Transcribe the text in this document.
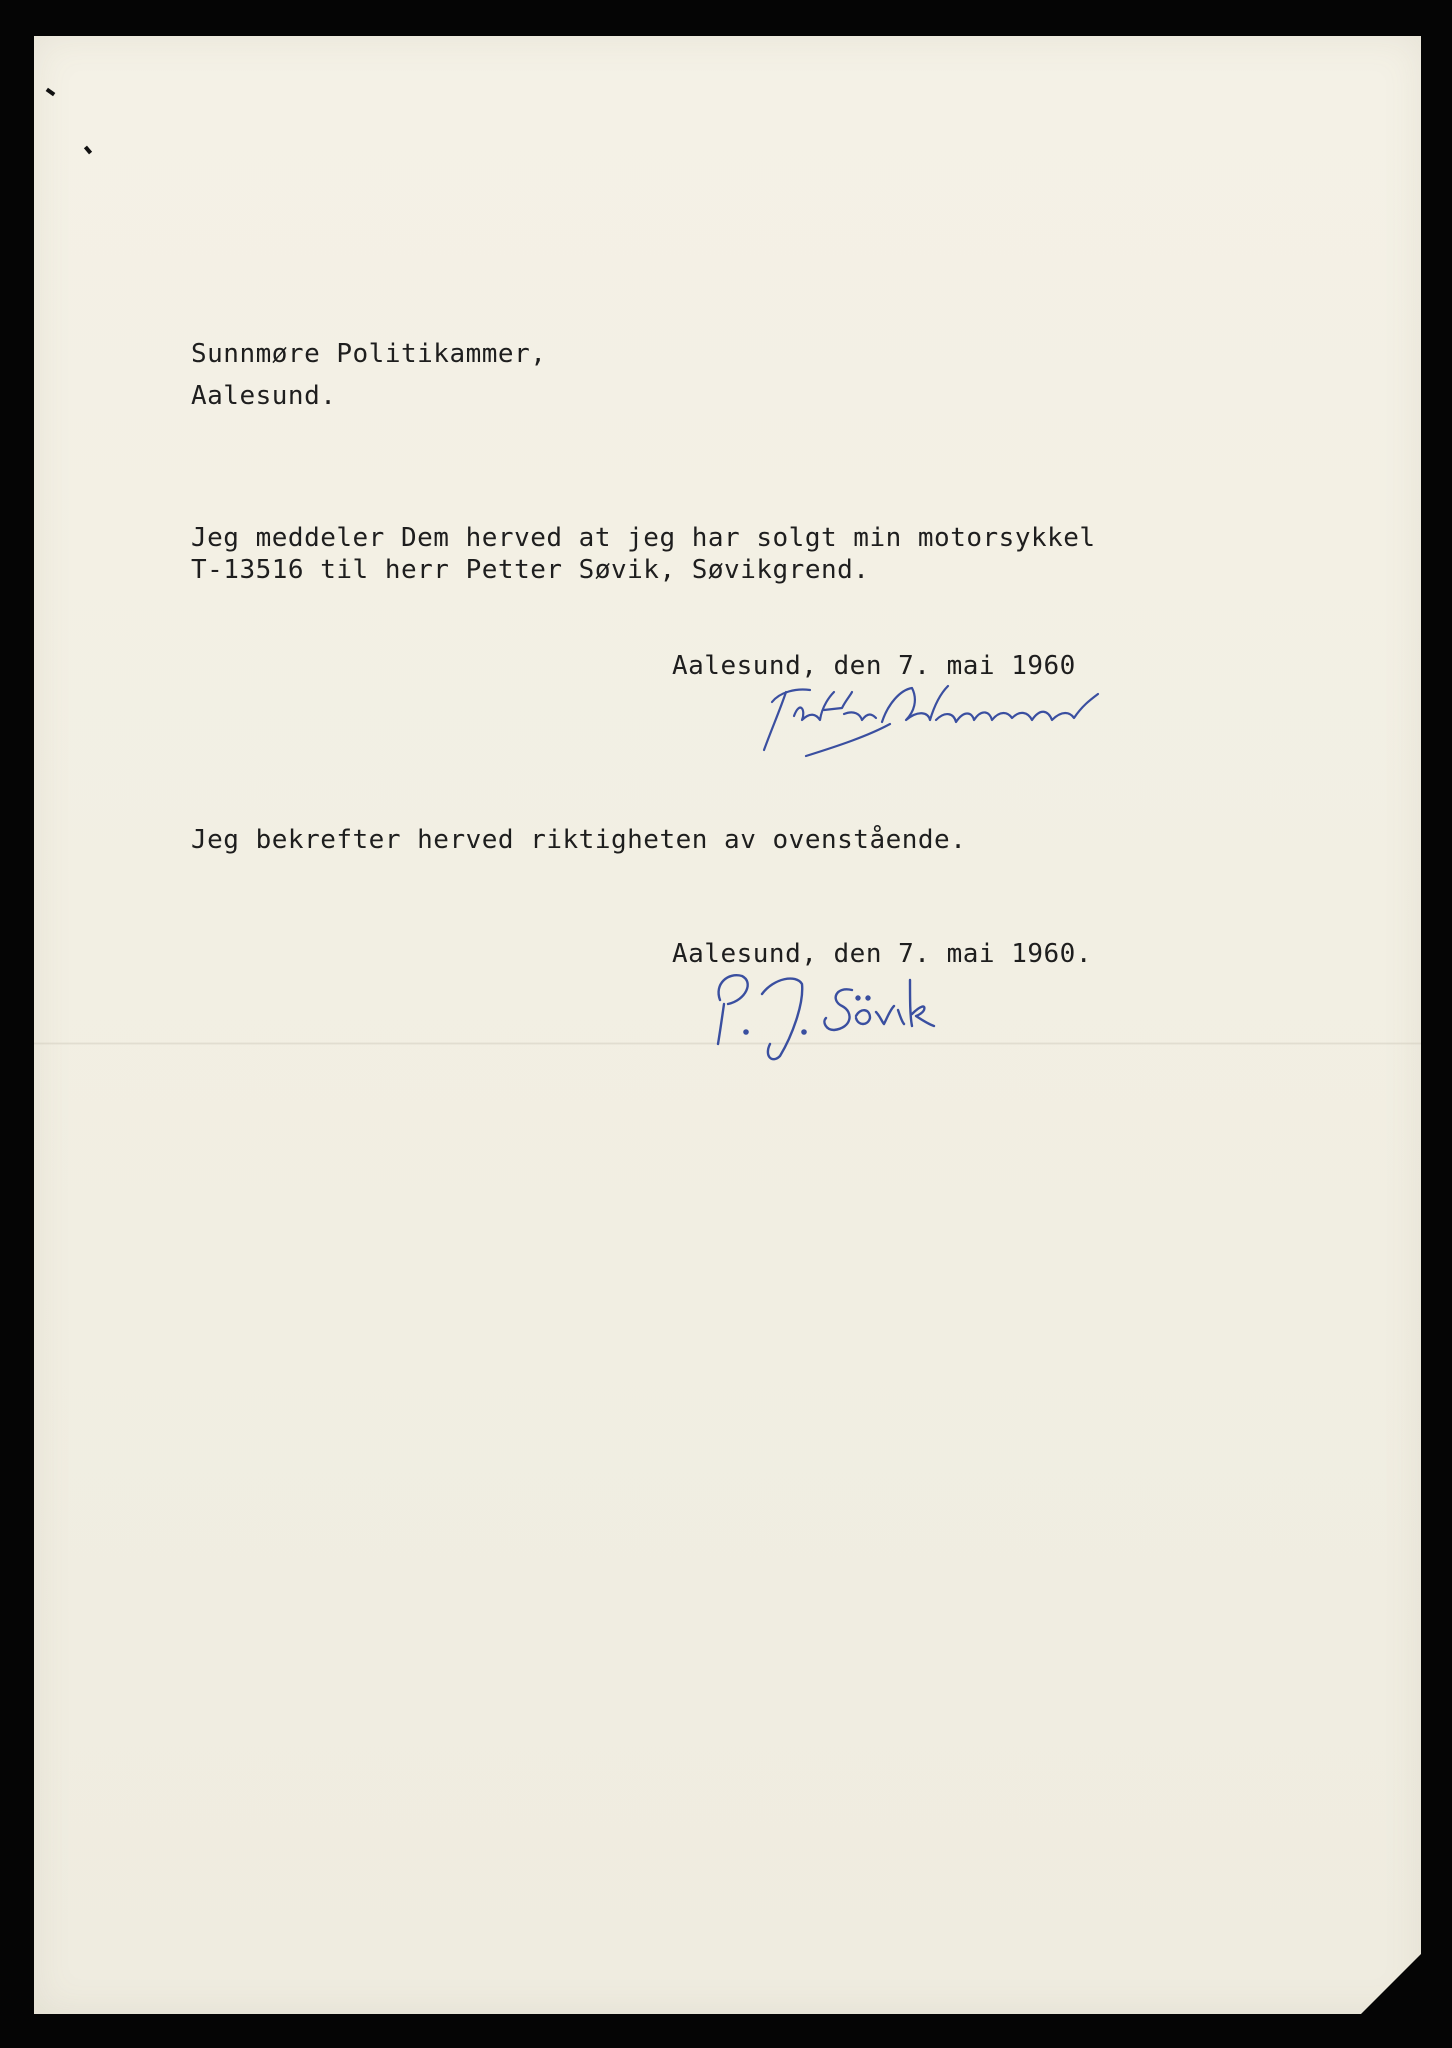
Sunnmøre Politikammer,

Aalesund.

Jeg meddeler Dem herved at jeg har solgt min motorsykkel

T-13516 til herr Petter Søvik, Søvikgrend.

Aalesund, den 7. mai 1960

Jeg bekrefter herved riktigheten av ovenstående.

Aalesund, den 7. mai 1960.
